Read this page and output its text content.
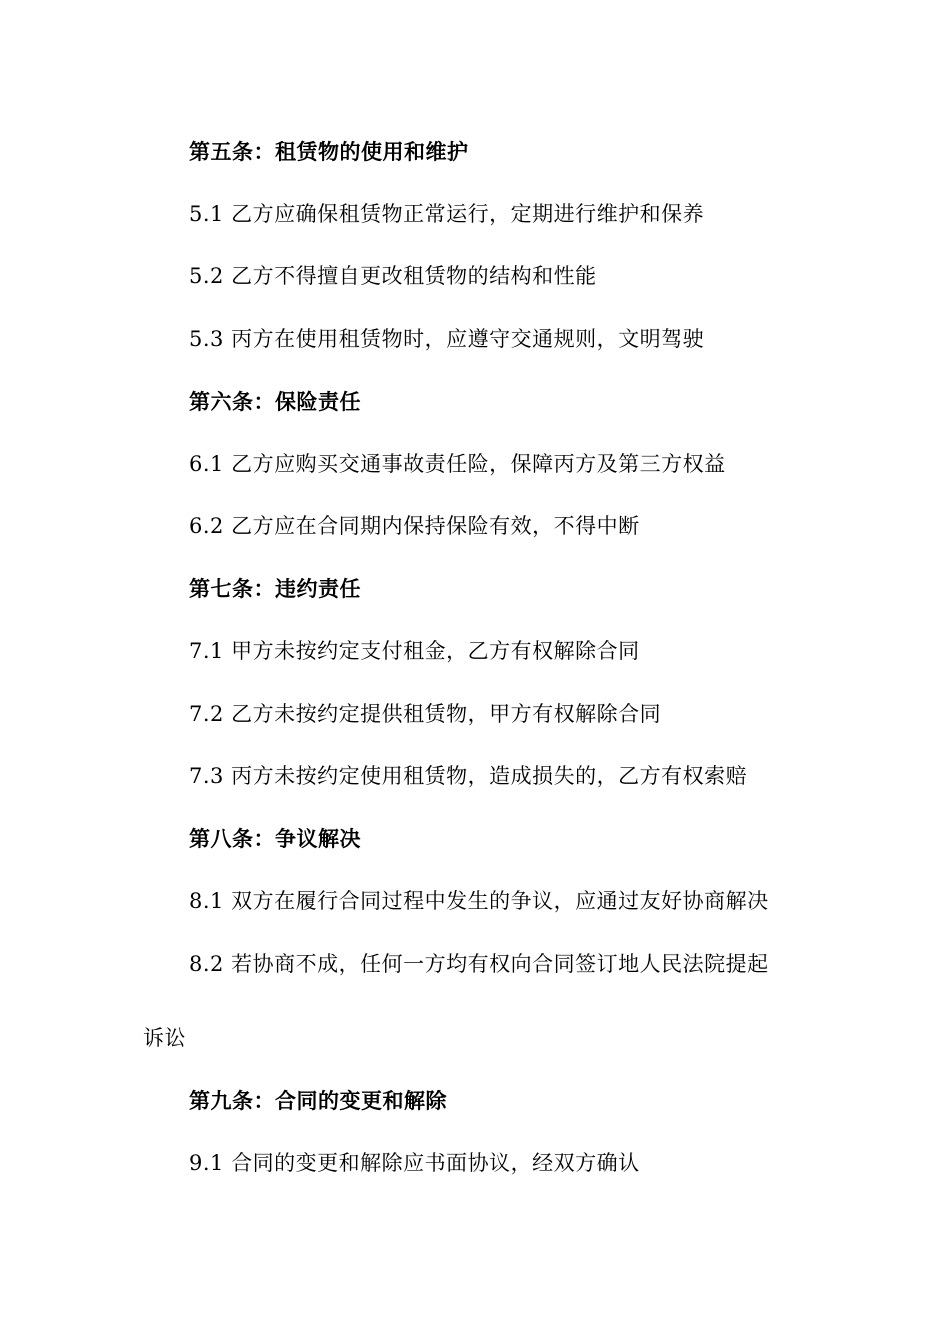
第五条：租赁物的使用和维护
5.1 乙方应确保租赁物正常运行，定期进行维护和保养
5.2 乙方不得擅自更改租赁物的结构和性能
5.3 丙方在使用租赁物时，应遵守交通规则，文明驾驶
第六条：保险责任
6.1 乙方应购买交通事故责任险，保障丙方及第三方权益
6.2 乙方应在合同期内保持保险有效，不得中断
第七条：违约责任
7.1 甲方未按约定支付租金，乙方有权解除合同
7.2 乙方未按约定提供租赁物，甲方有权解除合同
7.3 丙方未按约定使用租赁物，造成损失的，乙方有权索赔
第八条：争议解决
8.1 双方在履行合同过程中发生的争议，应通过友好协商解决
8.2 若协商不成，任何一方均有权向合同签订地人民法院提起
诉讼
第九条：合同的变更和解除
9.1 合同的变更和解除应书面协议，经双方确认
